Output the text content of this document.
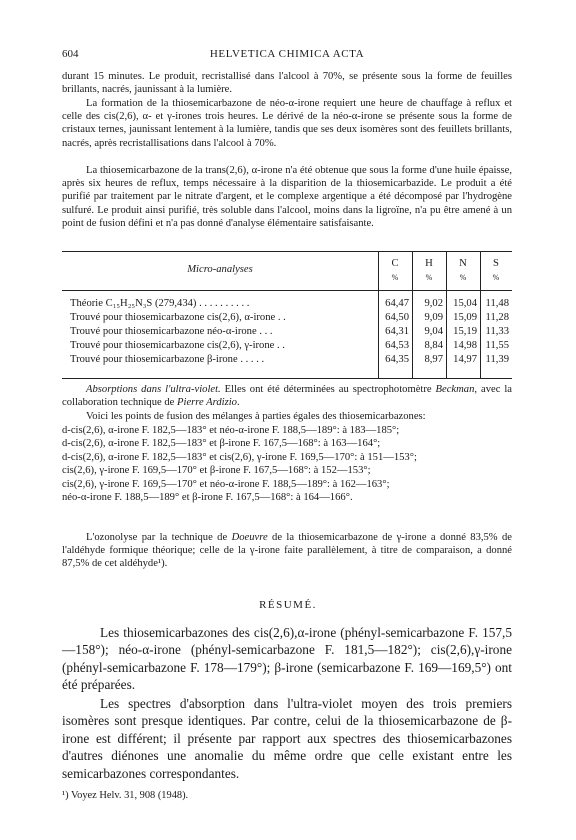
604	HELVETICA CHIMICA ACTA

durant 15 minutes. Le produit, recristallisé dans l'alcool à 70%, se présente sous la forme de feuilles brillants, nacrés, jaunissant à la lumière.

La formation de la thiosemicarbazone de néo-α-irone requiert une heure de chauffage à reflux et celle des cis(2,6), α- et γ-irones trois heures. Le dérivé de la néo-α-irone se présente sous la forme de cristaux ternes, jaunissant lentement à la lumière, tandis que ses deux isomères sont des feuillets brillants, nacrés, après recristallisations dans l'alcool à 70%.

La thiosemicarbazone de la trans(2,6), α-irone n'a été obtenue que sous la forme d'une huile épaisse, après six heures de reflux, temps nécessaire à la disparition de la thiosemicarbazide. Le produit a été purifié par traitement par le nitrate d'argent, et le complexe argentique a été décomposé par l'hydrogène sulfuré. Le produit ainsi purifié, très soluble dans l'alcool, moins dans la ligroïne, n'a pu être amené à un point de fusion défini et n'a pas donné d'analyse élémentaire satisfaisante.

Micro-analyses
C	H	N	S
%	%	%	%
Théorie C₁₅H₂₅N₃S (279,434) . . . . . . . . . .	64,47	9,02 15,04 11,48
Trouvé pour thiosemicarbazone cis(2,6), α-irone . .	64,50	9,09 15,09 11,28
Trouvé pour thiosemicarbazone néo-α-irone . . .	64,31	9,04 15,19 11,33
Trouvé pour thiosemicarbazone cis(2,6), γ-irone . .	64,53	8,84 14,98 11,55
Trouvé pour thiosemicarbazone β-irone . . . . .	64,35	8,97 14,97 11,39

Absorptions dans l'ultra-violet. Elles ont été déterminées au spectrophotomètre Beckman, avec la collaboration technique de Pierre Ardizio.

Voici les points de fusion des mélanges à parties égales des thiosemicarbazones:

d-cis(2,6), α-irone F. 182,5—183° et néo-α-irone F. 188,5—189°: à 183—185°;
d-cis(2,6), α-irone F. 182,5—183° et β-irone F. 167,5—168°: à 163—164°;
d-cis(2,6), α-irone F. 182,5—183° et cis(2,6), γ-irone F. 169,5—170°: à 151—153°;
cis(2,6), γ-irone F. 169,5—170° et β-irone F. 167,5—168°: à 152—153°;
cis(2,6), γ-irone F. 169,5—170° et néo-α-irone F. 188,5—189°: à 162—163°;
néo-α-irone F. 188,5—189° et β-irone F. 167,5—168°: à 164—166°.

L'ozonolyse par la technique de Doeuvre de la thiosemicarbazone de γ-irone a donné 83,5% de l'aldéhyde formique théorique; celle de la γ-irone faite parallèlement, à titre de comparaison, a donné 87,5% de cet aldéhyde¹).

RÉSUMÉ.

Les thiosemicarbazones des cis(2,6),α-irone (phényl-semicarbazone F. 157,5—158°); néo-α-irone (phényl-semicarbazone F. 181,5—182°); cis(2,6),γ-irone (phényl-semicarbazone F. 178—179°); β-irone (semicarbazone F. 169—169,5°) ont été préparées.

Les spectres d'absorption dans l'ultra-violet moyen des trois premiers isomères sont presque identiques. Par contre, celui de la thiosemicarbazone de β-irone est différent; il présente par rapport aux spectres des thiosemicarbazones d'autres diénones une anomalie du même ordre que celle existant entre les semicarbazones correspondantes.

¹) Voyez Helv. 31, 908 (1948).
